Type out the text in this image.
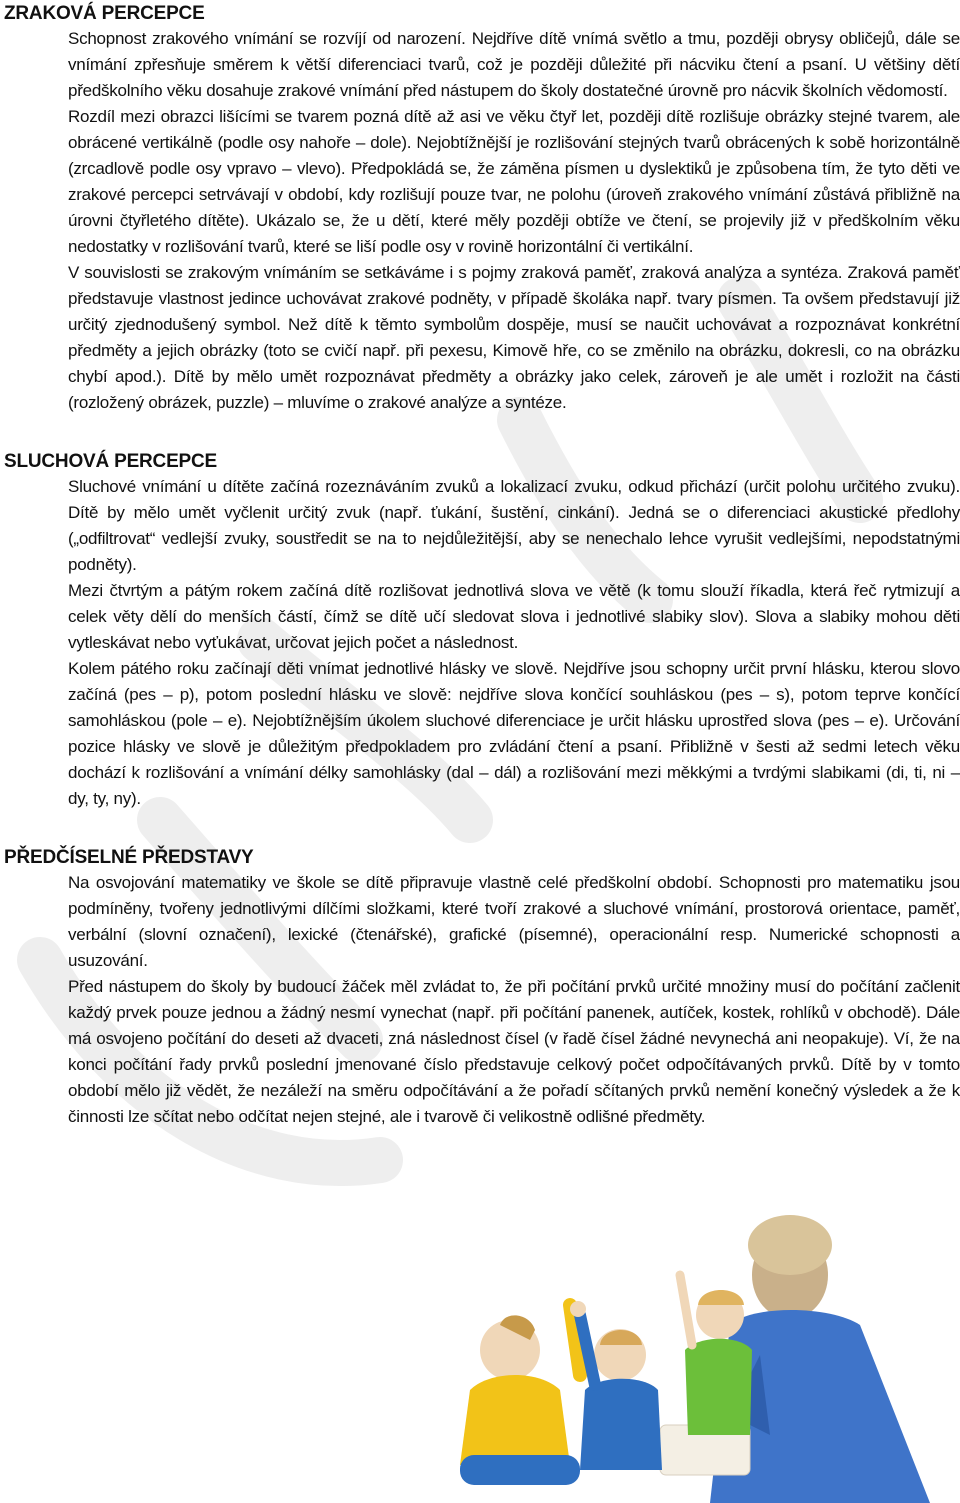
ZRAKOVÁ PERCEPCE

Schopnost zrakového vnímání se rozvíjí od narození. Nejdříve dítě vnímá světlo a tmu, později obrysy obličejů, dále se vnímání zpřesňuje směrem k větší diferenciaci tvarů, což je později důležité při nácviku čtení a psaní. U většiny dětí předškolního věku dosahuje zrakové vnímání před nástupem do školy dostatečné úrovně pro nácvik školních vědomostí.

Rozdíl mezi obrazci lišícími se tvarem pozná dítě až asi ve věku čtyř let, později dítě rozlišuje obrázky stejné tvarem, ale obrácené vertikálně (podle osy nahoře – dole). Nejobtížnější je rozlišování stejných tvarů obrácených k sobě horizontálně (zrcadlově podle osy vpravo – vlevo). Předpokládá se, že záměna písmen u dyslektiků je způsobena tím, že tyto děti ve zrakové percepci setrvávají v období, kdy rozlišují pouze tvar, ne polohu (úroveň zrakového vnímání zůstává přibližně na úrovni čtyřletého dítěte). Ukázalo se, že u dětí, které měly později obtíže ve čtení, se projevily již v předškolním věku nedostatky v rozlišování tvarů, které se liší podle osy v rovině horizontální či vertikální.

V souvislosti se zrakovým vnímáním se setkáváme i s pojmy zraková paměť, zraková analýza a syntéza. Zraková paměť představuje vlastnost jedince uchovávat zrakové podněty, v případě školáka např. tvary písmen. Ta ovšem představují již určitý zjednodušený symbol. Než dítě k těmto symbolům dospěje, musí se naučit uchovávat a rozpoznávat konkrétní předměty a jejich obrázky (toto se cvičí např. při pexesu, Kimově hře, co se změnilo na obrázku, dokresli, co na obrázku chybí apod.). Dítě by mělo umět rozpoznávat předměty a obrázky jako celek, zároveň je ale umět i rozložit na části (rozložený obrázek, puzzle) – mluvíme o zrakové analýze a syntéze.

SLUCHOVÁ PERCEPCE

Sluchové vnímání u dítěte začíná rozeznáváním zvuků a lokalizací zvuku, odkud přichází (určit polohu určitého zvuku). Dítě by mělo umět vyčlenit určitý zvuk (např. ťukání, šustění, cinkání). Jedná se o diferenciaci akustické předlohy („odfiltrovat“ vedlejší zvuky, soustředit se na to nejdůležitější, aby se nenechalo lehce vyrušit vedlejšími, nepodstatnými podněty).

Mezi čtvrtým a pátým rokem začíná dítě rozlišovat jednotlivá slova ve větě (k tomu slouží říkadla, která řeč rytmizují a celek věty dělí do menších částí, čímž se dítě učí sledovat slova i jednotlivé slabiky slov). Slova a slabiky mohou děti vytleskávat nebo vyťukávat, určovat jejich počet a následnost.

Kolem pátého roku začínají děti vnímat jednotlivé hlásky ve slově. Nejdříve jsou schopny určit první hlásku, kterou slovo začíná (pes – p), potom poslední hlásku ve slově: nejdříve slova končící souhláskou (pes – s), potom teprve končící samohláskou (pole – e). Nejobtížnějším úkolem sluchové diferenciace je určit hlásku uprostřed slova (pes – e). Určování pozice hlásky ve slově je důležitým předpokladem pro zvládání čtení a psaní. Přibližně v šesti až sedmi letech věku dochází k rozlišování a vnímání délky samohlásky (dal – dál) a rozlišování mezi měkkými a tvrdými slabikami (di, ti, ni – dy, ty, ny).

PŘEDČÍSELNÉ PŘEDSTAVY

Na osvojování matematiky ve škole se dítě připravuje vlastně celé předškolní období. Schopnosti pro matematiku jsou podmíněny, tvořeny jednotlivými dílčími složkami, které tvoří zrakové a sluchové vnímání, prostorová orientace, paměť, verbální (slovní označení), lexické (čtenářské), grafické (písemné), operacionální resp. Numerické schopnosti a usuzování.

Před nástupem do školy by budoucí žáček měl zvládat to, že při počítání prvků určité množiny musí do počítání začlenit každý prvek pouze jednou a žádný nesmí vynechat (např. při počítání panenek, autíček, kostek, rohlíků v obchodě). Dále má osvojeno počítání do deseti až dvaceti, zná následnost čísel (v řadě čísel žádné nevynechá ani neopakuje). Ví, že na konci počítání řady prvků poslední jmenované číslo představuje celkový počet odpočítávaných prvků. Dítě by v tomto období mělo již vědět, že nezáleží na směru odpočítávání a že pořadí sčítaných prvků nemění konečný výsledek a že k činnosti lze sčítat nebo odčítat nejen stejné, ale i tvarově či velikostně odlišné předměty.
